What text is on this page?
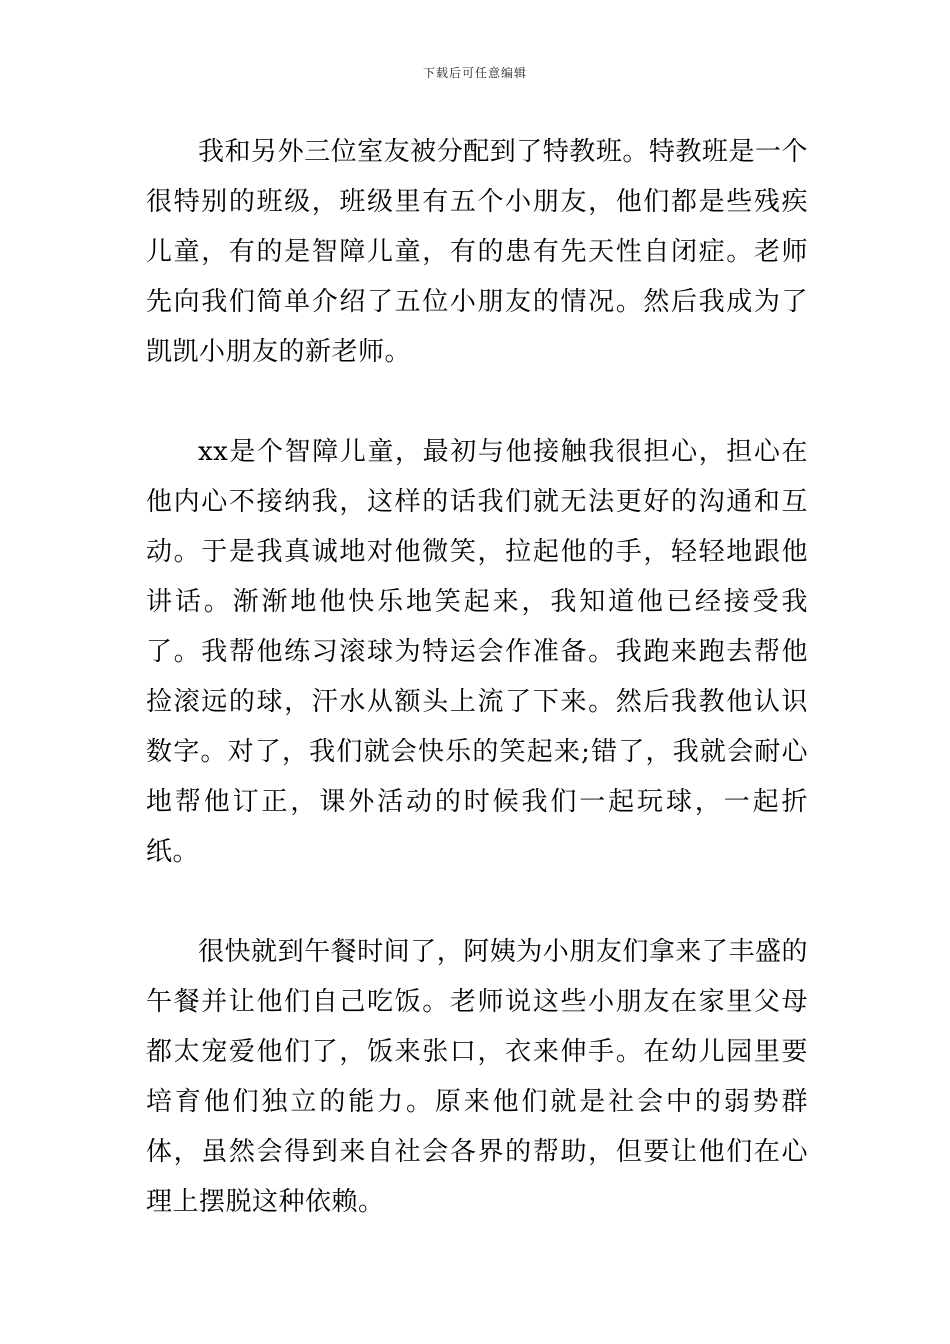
下载后可任意编辑

我和另外三位室友被分配到了特教班。特教班是一个很特别的班级，班级里有五个小朋友，他们都是些残疾儿童，有的是智障儿童，有的患有先天性自闭症。老师先向我们简单介绍了五位小朋友的情况。然后我成为了凯凯小朋友的新老师。

xx是个智障儿童，最初与他接触我很担心，担心在他内心不接纳我，这样的话我们就无法更好的沟通和互动。于是我真诚地对他微笑，拉起他的手，轻轻地跟他讲话。渐渐地他快乐地笑起来，我知道他已经接受我了。我帮他练习滚球为特运会作准备。我跑来跑去帮他捡滚远的球，汗水从额头上流了下来。然后我教他认识数字。对了，我们就会快乐的笑起来;错了，我就会耐心地帮他订正，课外活动的时候我们一起玩球，一起折纸。

很快就到午餐时间了，阿姨为小朋友们拿来了丰盛的午餐并让他们自己吃饭。老师说这些小朋友在家里父母都太宠爱他们了，饭来张口，衣来伸手。在幼儿园里要培育他们独立的能力。原来他们就是社会中的弱势群体，虽然会得到来自社会各界的帮助，但要让他们在心理上摆脱这种依赖。
